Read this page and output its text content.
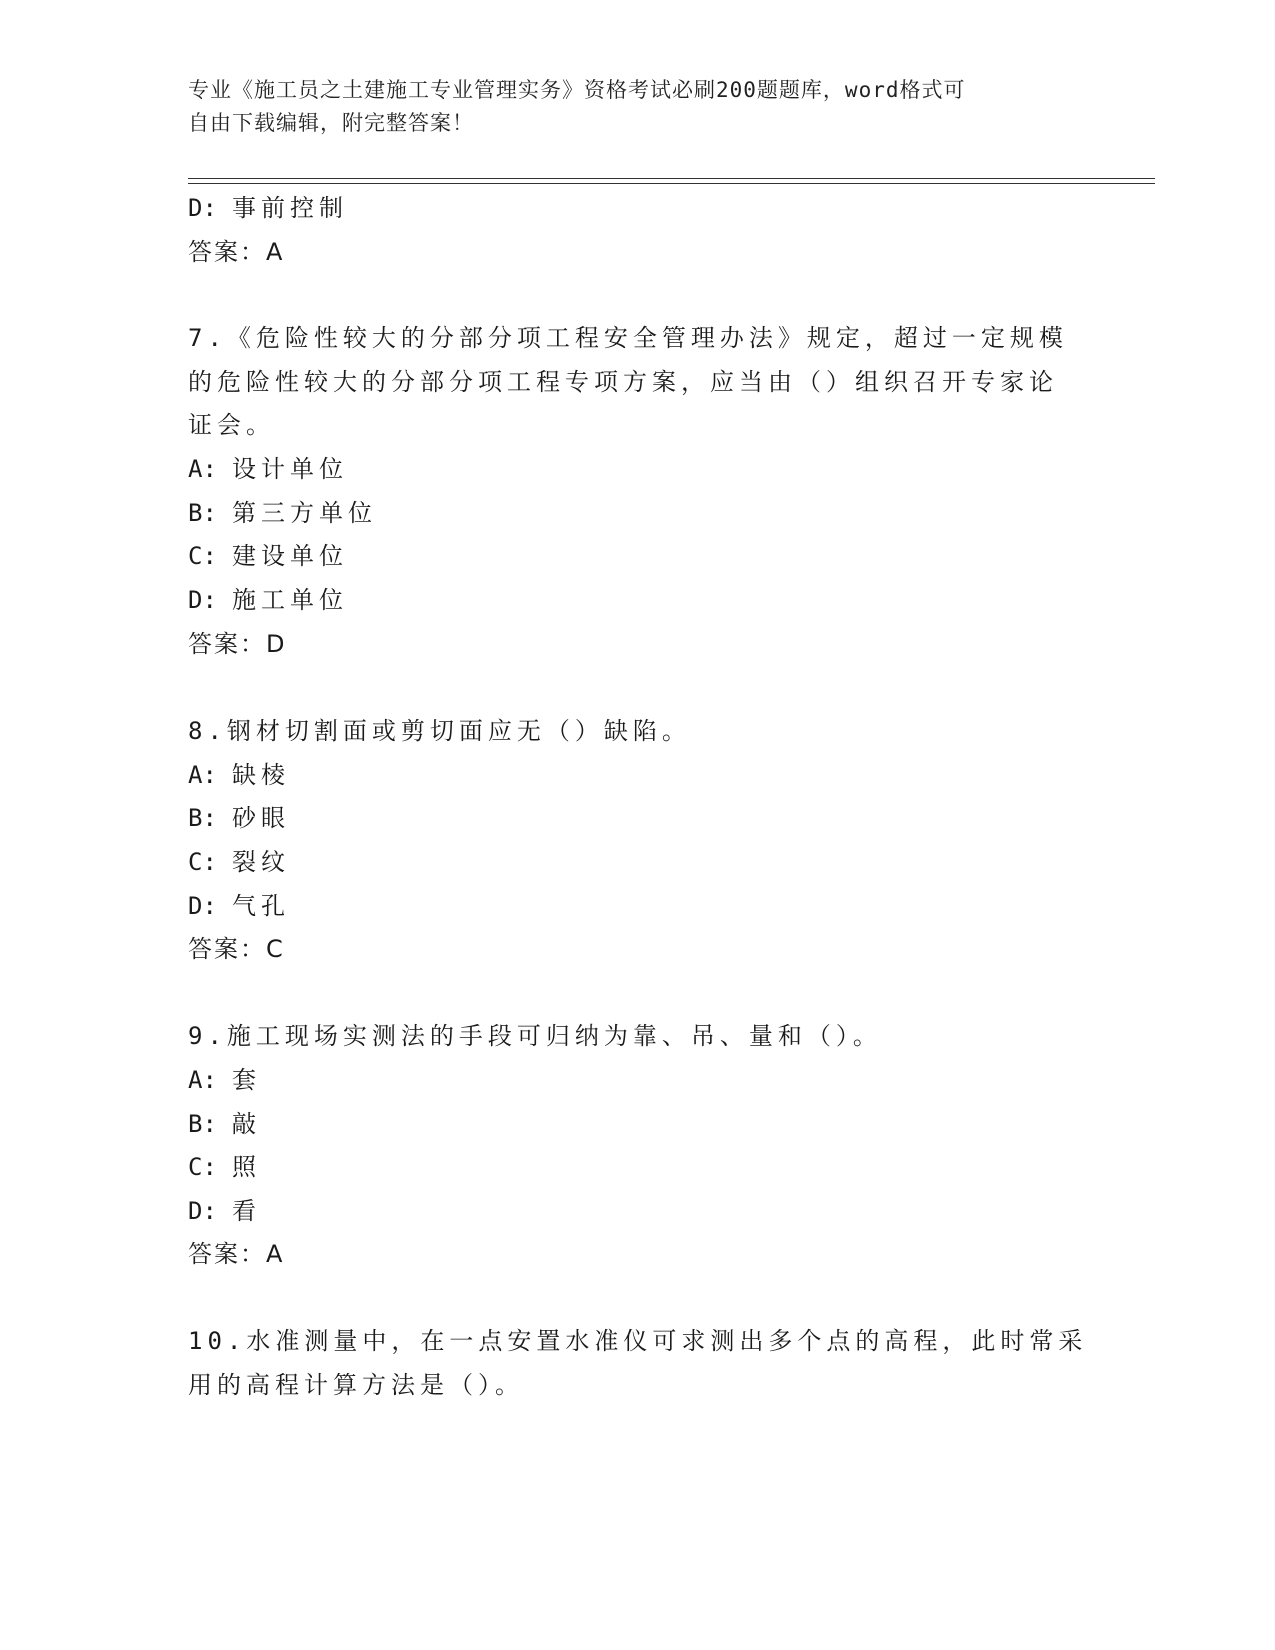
专业《施工员之土建施工专业管理实务》资格考试必刷200题题库，word格式可
自由下载编辑，附完整答案！
D: 事前控制
答案：A
7.《危险性较大的分部分项工程安全管理办法》规定，超过一定规模
的危险性较大的分部分项工程专项方案，应当由（）组织召开专家论
证会。
A: 设计单位
B: 第三方单位
C: 建设单位
D: 施工单位
答案：D
8.钢材切割面或剪切面应无（）缺陷。
A: 缺棱
B: 砂眼
C: 裂纹
D: 气孔
答案：C
9.施工现场实测法的手段可归纳为靠、吊、量和（）。
A: 套
B: 敲
C: 照
D: 看
答案：A
10.水准测量中，在一点安置水准仪可求测出多个点的高程，此时常采
用的高程计算方法是（）。
